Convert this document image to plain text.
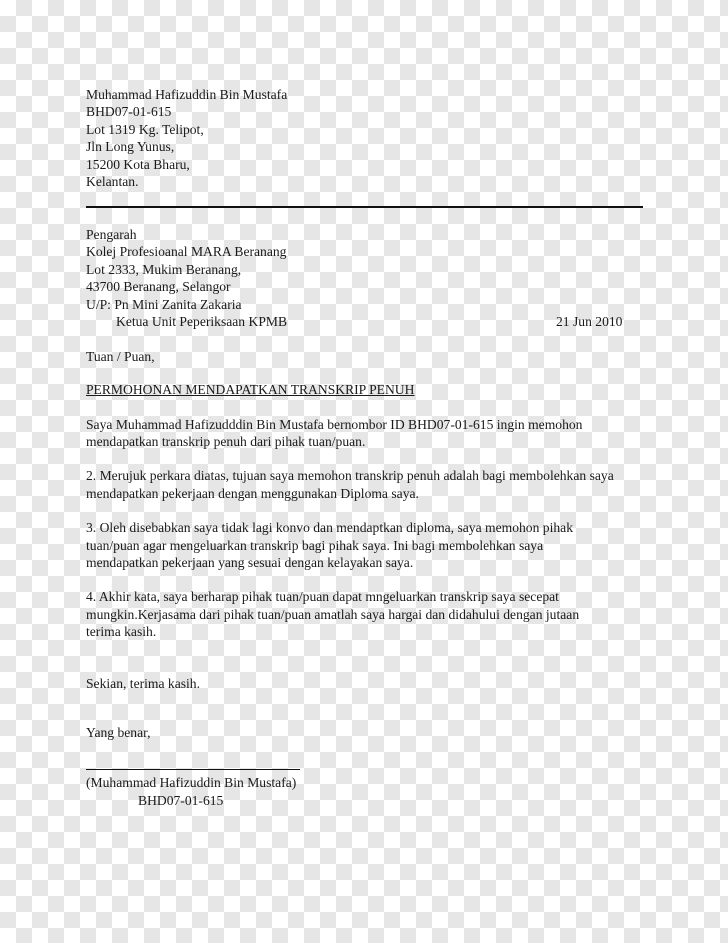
Muhammad Hafizuddin Bin Mustafa
BHD07-01-615
Lot 1319 Kg. Telipot,
Jln Long Yunus,
15200 Kota Bharu,
Kelantan.
Pengarah
Kolej Profesioanal MARA Beranang
Lot 2333, Mukim Beranang,
43700 Beranang, Selangor
U/P: Pn Mini Zanita Zakaria
Ketua Unit Peperiksaan KPMB	21 Jun 2010
Tuan / Puan,
PERMOHONAN MENDAPATKAN TRANSKRIP PENUH
Saya Muhammad Hafizudddin Bin Mustafa bernombor ID BHD07-01-615 ingin memohon
mendapatkan transkrip penuh dari pihak tuan/puan.
2. Merujuk perkara diatas, tujuan saya memohon transkrip penuh adalah bagi membolehkan saya
mendapatkan pekerjaan dengan menggunakan Diploma saya.
3. Oleh disebabkan saya tidak lagi konvo dan mendaptkan diploma, saya memohon pihak
tuan/puan agar mengeluarkan transkrip bagi pihak saya. Ini bagi membolehkan saya
mendapatkan pekerjaan yang sesuai dengan kelayakan saya.
4. Akhir kata, saya berharap pihak tuan/puan dapat mngeluarkan transkrip saya secepat
mungkin.Kerjasama dari pihak tuan/puan amatlah saya hargai dan didahului dengan jutaan
terima kasih.
Sekian, terima kasih.
Yang benar,
(Muhammad Hafizuddin Bin Mustafa)
BHD07-01-615
